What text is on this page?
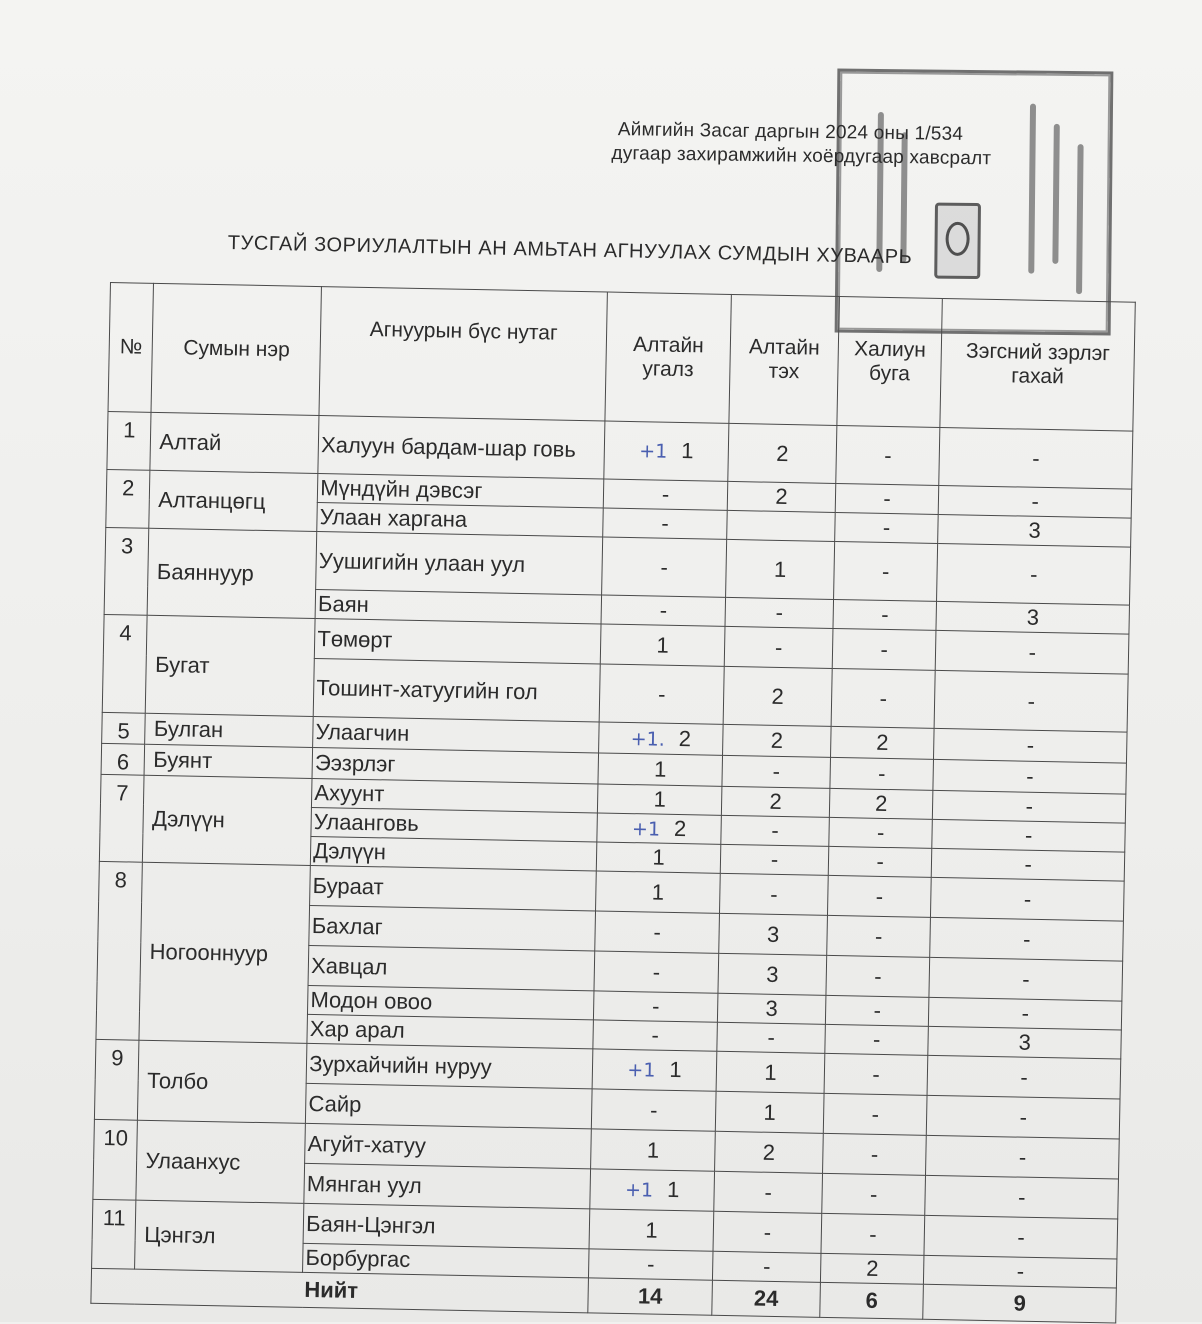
Аймгийн Засаг даргын 2024 оны 1/534
дугаар захирамжийн хоёрдугаар хавсралт
ТУСГАЙ ЗОРИУЛАЛТЫН АН АМЬТАН АГНУУЛАХ СУМДЫН ХУВААРЬ
№	Сумын нэр	Агнуурын бүс нутаг	Алтайн угалз	Алтайн тэх	Халиун буга	Зэгсний зэрлэг гахай
1	Алтай	Халуун бардам-шар говь	+1 1	2	-	-
2	Алтанцөгц	Мүндүйн дэвсэг	-	2	-	-
		Улаан харгана	-		-	3
3	Баяннуур	Уушигийн улаан уул	-	1	-	-
		Баян	-	-	-	3
4	Бугат	Төмөрт	1	-	-	-
		Тошинт-хатуугийн гол	-	2	-	-
5	Булган	Улаагчин	+1. 2	2	2	-
6	Буянт	Ээзрлэг	1	-	-	-
7	Дэлүүн	Ахуунт	1	2	2	-
		Улаанговь	+1 2	-	-	-
		Дэлүүн	1	-	-	-
8	Ногооннуур	Бураат	1	-	-	-
		Бахлаг	-	3	-	-
		Хавцал	-	3	-	-
		Модон овоо	-	3	-	-
		Хар арал	-	-	-	3
9	Толбо	Зурхайчийн нуруу	+1 1	1	-	-
		Сайр	-	1	-	-
10	Улаанхус	Агуйт-хатуу	1	2	-	-
		Мянган уул	+1 1	-	-	-
11	Цэнгэл	Баян-Цэнгэл	1	-	-	-
		Борбургас	-	-	2	-
		Нийт	14	24	6	9
